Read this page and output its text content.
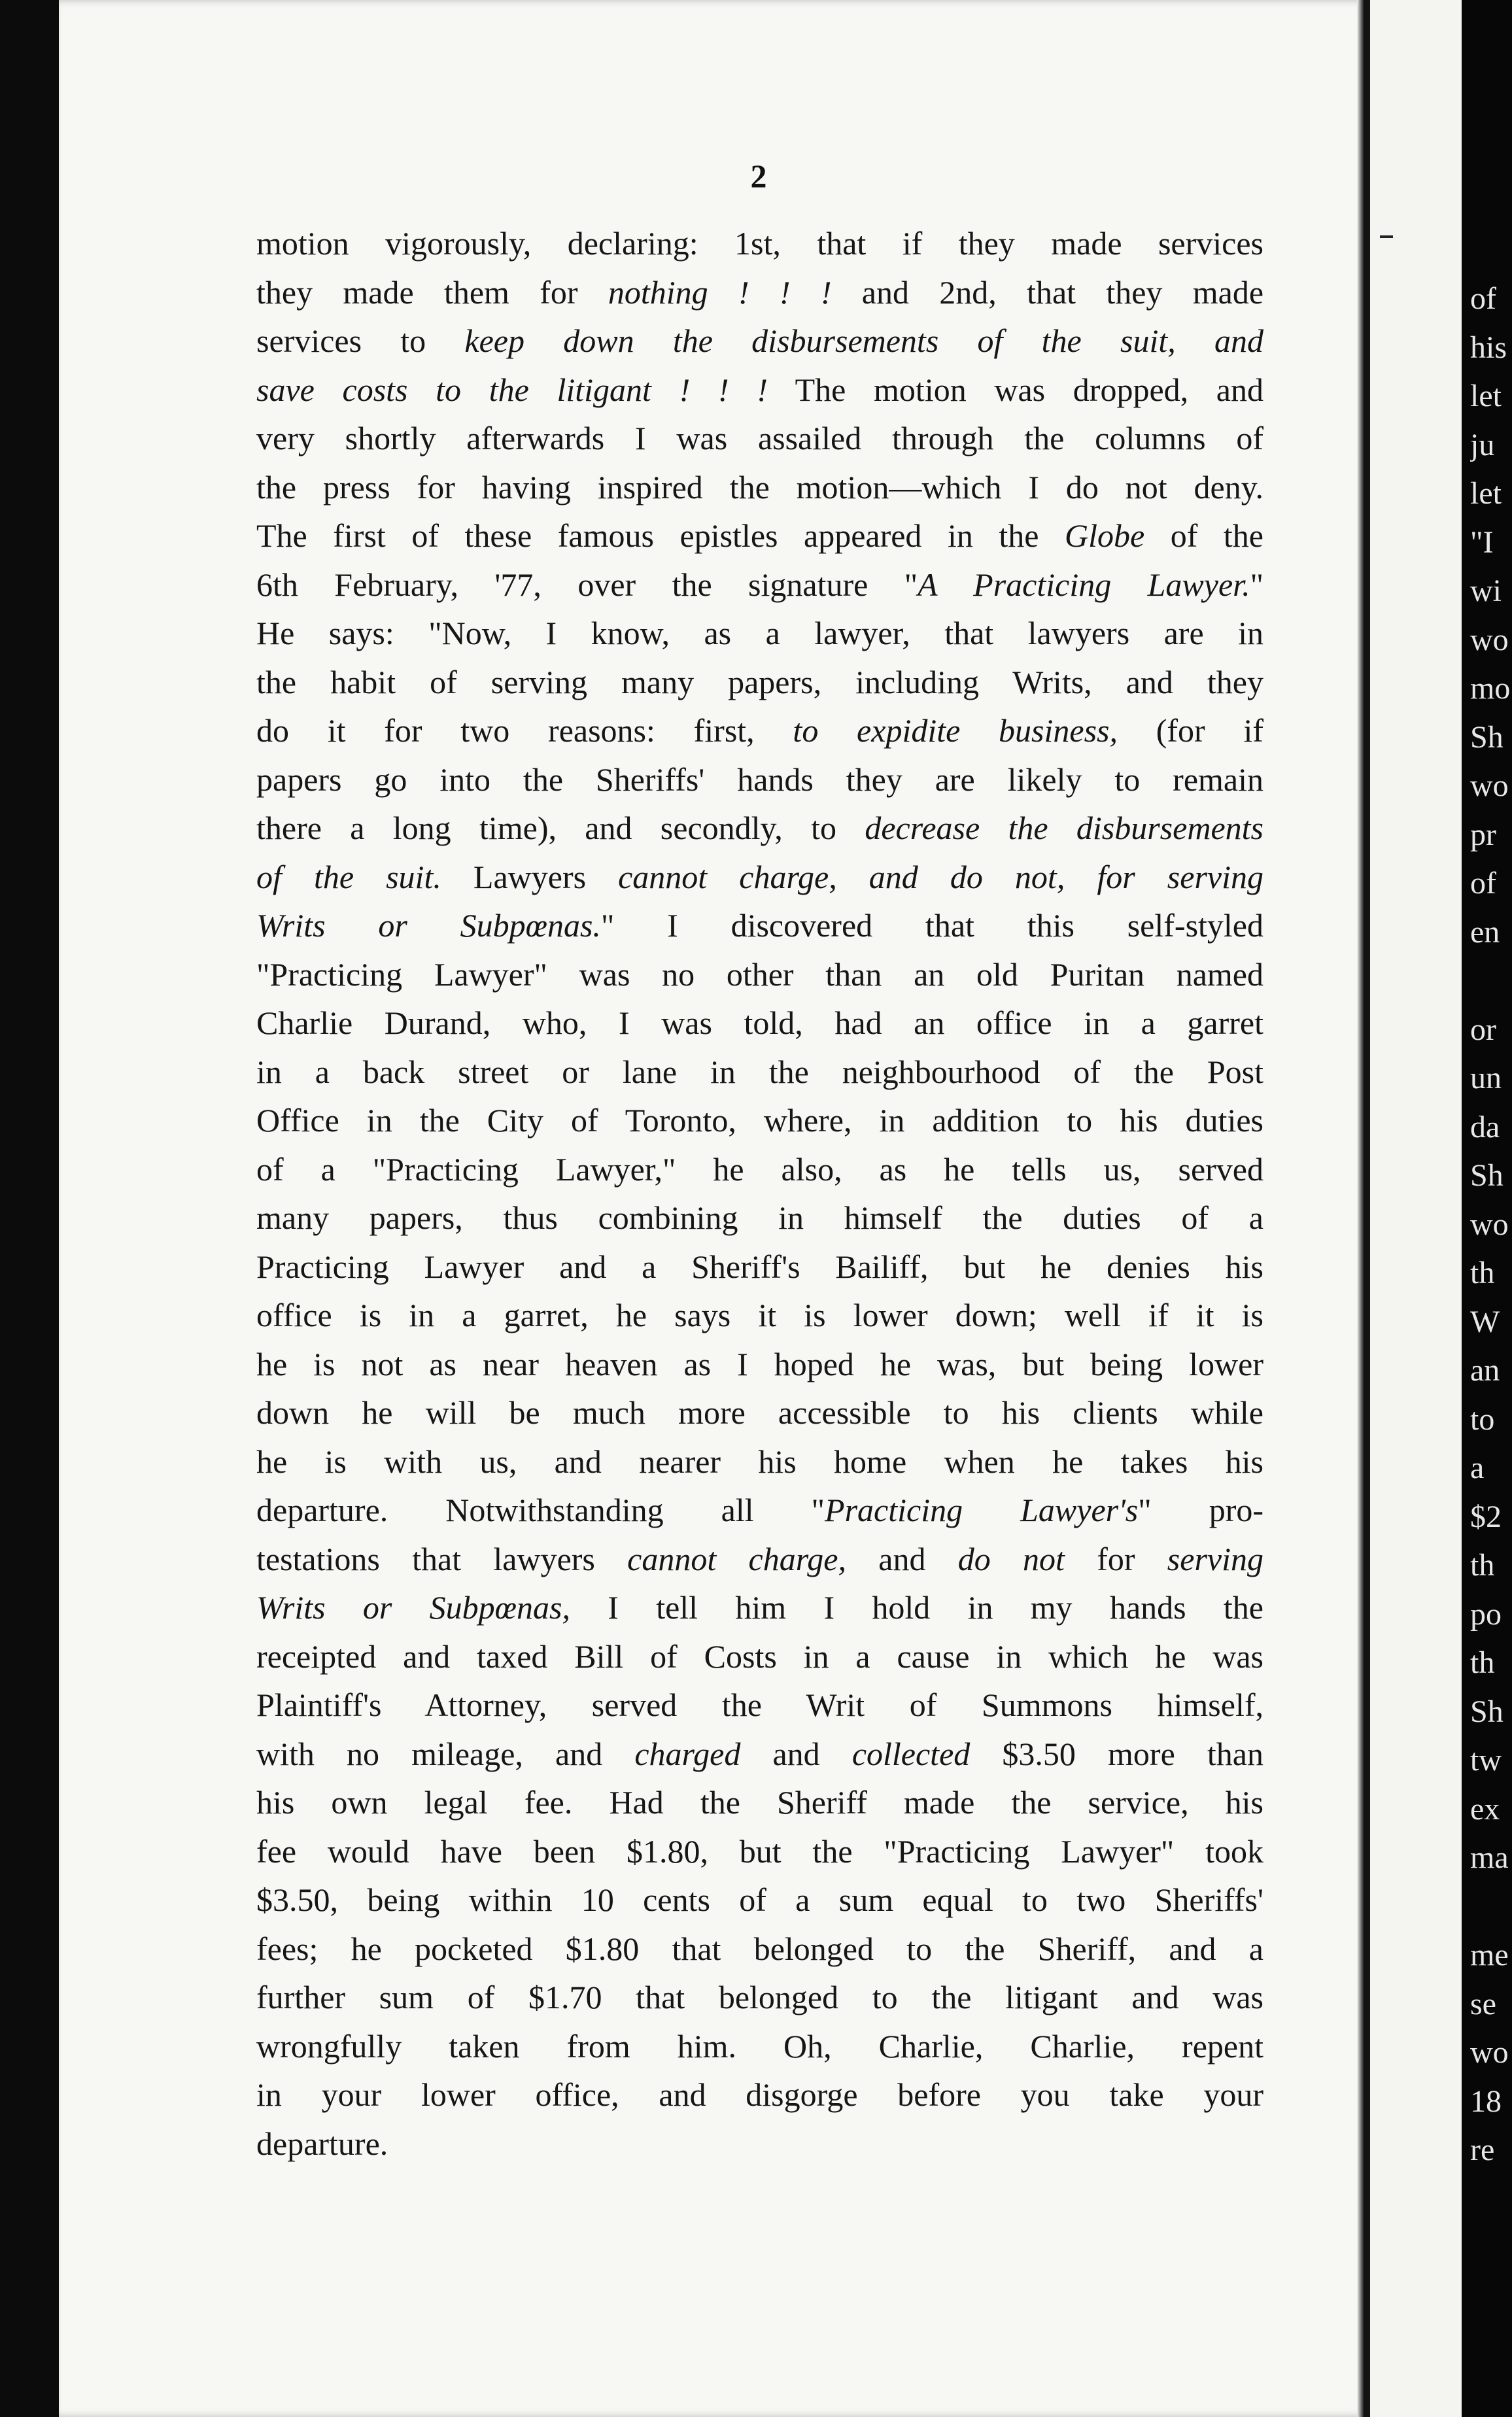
2
motion vigorously, declaring: 1st, that if they made services
they made them for nothing ! ! ! and 2nd, that they made
services to keep down the disbursements of the suit, and
save costs to the litigant ! ! ! The motion was dropped, and
very shortly afterwards I was assailed through the columns of
the press for having inspired the motion—which I do not deny.
The first of these famous epistles appeared in the Globe of the
6th February, '77, over the signature "A Practicing Lawyer."
He says: "Now, I know, as a lawyer, that lawyers are in
the habit of serving many papers, including Writs, and they
do it for two reasons: first, to expidite business, (for if
papers go into the Sheriffs' hands they are likely to remain
there a long time), and secondly, to decrease the disbursements
of the suit. Lawyers cannot charge, and do not, for serving
Writs or Subpœnas." I discovered that this self-styled
"Practicing Lawyer" was no other than an old Puritan named
Charlie Durand, who, I was told, had an office in a garret
in a back street or lane in the neighbourhood of the Post
Office in the City of Toronto, where, in addition to his duties
of a "Practicing Lawyer," he also, as he tells us, served
many papers, thus combining in himself the duties of a
Practicing Lawyer and a Sheriff's Bailiff, but he denies his
office is in a garret, he says it is lower down; well if it is
he is not as near heaven as I hoped he was, but being lower
down he will be much more accessible to his clients while
he is with us, and nearer his home when he takes his
departure. Notwithstanding all "Practicing Lawyer's" pro-
testations that lawyers cannot charge, and do not for serving
Writs or Subpœnas, I tell him I hold in my hands the
receipted and taxed Bill of Costs in a cause in which he was
Plaintiff's Attorney, served the Writ of Summons himself,
with no mileage, and charged and collected $3.50 more than
his own legal fee. Had the Sheriff made the service, his
fee would have been $1.80, but the "Practicing Lawyer" took
$3.50, being within 10 cents of a sum equal to two Sheriffs'
fees; he pocketed $1.80 that belonged to the Sheriff, and a
further sum of $1.70 that belonged to the litigant and was
wrongfully taken from him. Oh, Charlie, Charlie, repent
in your lower office, and disgorge before you take your
departure.
of
his
let
ju
let
"I
wi
wo
mo
Sh
wo
pr
of
en
or
un
da
Sh
wo
th
W
an
to
a
$2
th
po
th
Sh
tw
ex
ma
me
se
wo
18
re
